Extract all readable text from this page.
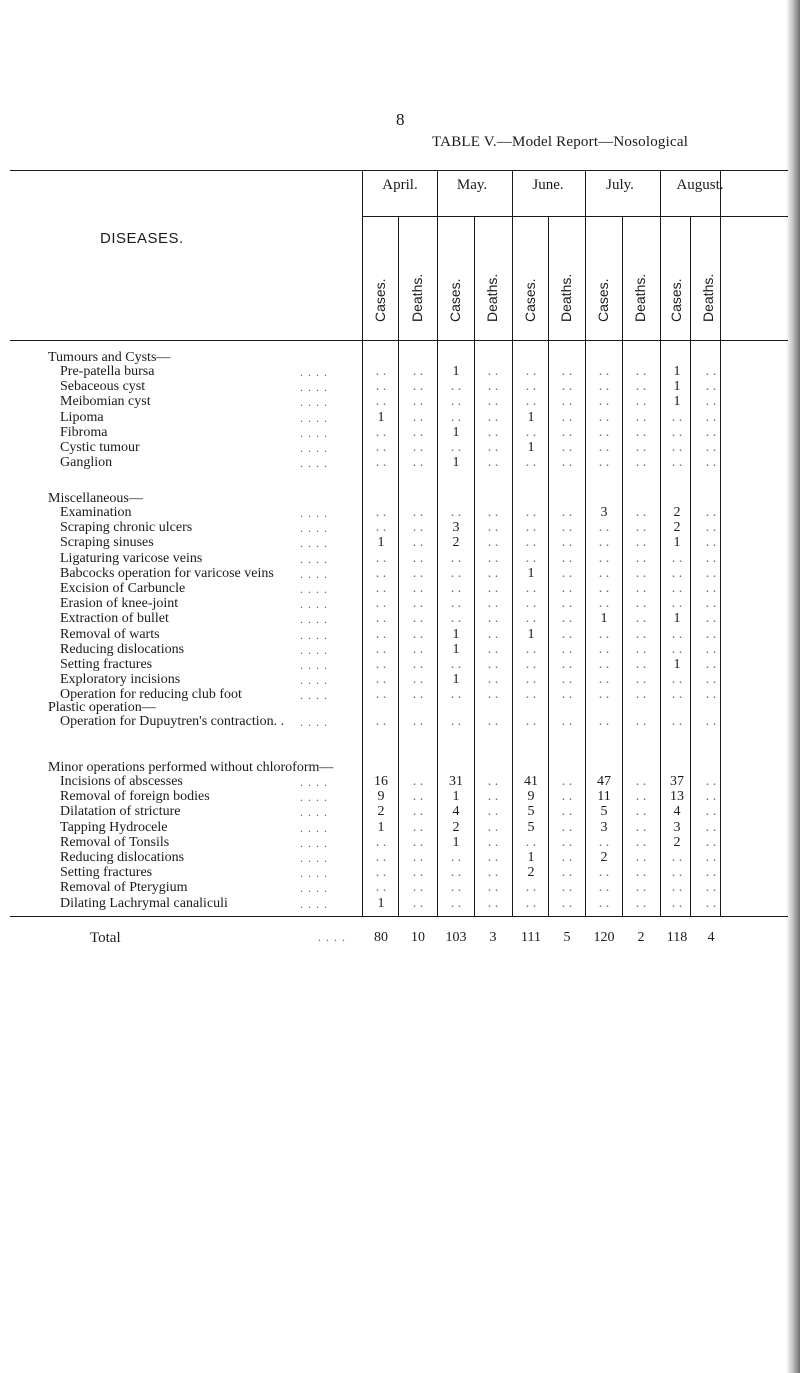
8
TABLE V.—Model Report—Nosological
DISEASES.
April.	May.	June.	July.	August.
Cases. Deaths. Cases. Deaths. Cases. Deaths. Cases. Deaths. Cases. Deaths.
Tumours and Cysts—
Pre-patella bursa	. . . .	. .	. .	1	. .	. .	. .	. .	. .	1	. .
Sebaceous cyst	. . . .	. .	. .	. .	. .	. .	. .	. .	. .	1	. .
Meibomian cyst	. . . .	. .	. .	. .	. .	. .	. .	. .	. .	1	. .
Lipoma	. . . .	1	. .	. .	. .	1	. .	. .	. .	. .	. .
Fibroma	. . . .	. .	. .	1	. .	. .	. .	. .	. .	. .	. .
Cystic tumour	. . . .	. .	. .	. .	. .	1	. .	. .	. .	. .	. .
Ganglion	. . . .	. .	. .	1	. .	. .	. .	. .	. .	. .	. .
Miscellaneous—
Examination	. . . .	. .	. .	. .	. .	. .	. .	3	. .	2	. .
Scraping chronic ulcers	. . . .	. .	. .	3	. .	. .	. .	. .	. .	2	. .
Scraping sinuses	. . . .	1	. .	2	. .	. .	. .	. .	. .	1	. .
Ligaturing varicose veins	. . . .	. .	. .	. .	. .	. .	. .	. .	. .	. .	. .
Babcocks operation for varicose veins . . . .	. .	. .	. .	. .	1	. .	. .	. .	. .	. .
Excision of Carbuncle	. . . .	. .	. .	. .	. .	. .	. .	. .	. .	. .	. .
Erasion of knee-joint	. . . .	. .	. .	. .	. .	. .	. .	. .	. .	. .	. .
Extraction of bullet	. . . .	. .	. .	. .	. .	. .	. .	1	. .	1	. .
Removal of warts	. . . .	. .	. .	1	. .	1	. .	. .	. .	. .	. .
Reducing dislocations	. . . .	. .	. .	1	. .	. .	. .	. .	. .	. .	. .
Setting fractures	. . . .	. .	. .	. .	. .	. .	. .	. .	. .	1	. .
Exploratory incisions	. . . .	. .	. .	1	. .	. .	. .	. .	. .	. .	. .
Operation for reducing club foot	. . . .	. .	. .	. .	. .	. .	. .	. .	. .	. .	. .
Plastic operation—
Operation for Dupuytren's contraction. . . . . .	. .	. .	. .	. .	. .	. .	. .	. .	. .	. .
Minor operations performed without chloroform—
Incisions of abscesses	. . . .	16	. .	31	. .	41	. .	47	. .	37	. .
Removal of foreign bodies	. . . .	9	. .	1	. .	9	. .	11	. .	13	. .
Dilatation of stricture	. . . .	2	. .	4	. .	5	. .	5	. .	4	. .
Tapping Hydrocele	. . . .	1	. .	2	. .	5	. .	3	. .	3	. .
Removal of Tonsils	. . . .	. .	. .	1	. .	. .	. .	. .	. .	2	. .
Reducing dislocations	. . . .	. .	. .	. .	. .	1	. .	2	. .	. .	. .
Setting fractures	. . . .	. .	. .	. .	. .	2	. .	. .	. .	. .	. .
Removal of Pterygium	. . . .	. .	. .	. .	. .	. .	. .	. .	. .	. .	. .
Dilating Lachrymal canaliculi	. . . .	1	. .	. .	. .	. .	. .	. .	. .	. .	. .
Total	. . . .	80	10	103	3	111	5	120	2	118	4
